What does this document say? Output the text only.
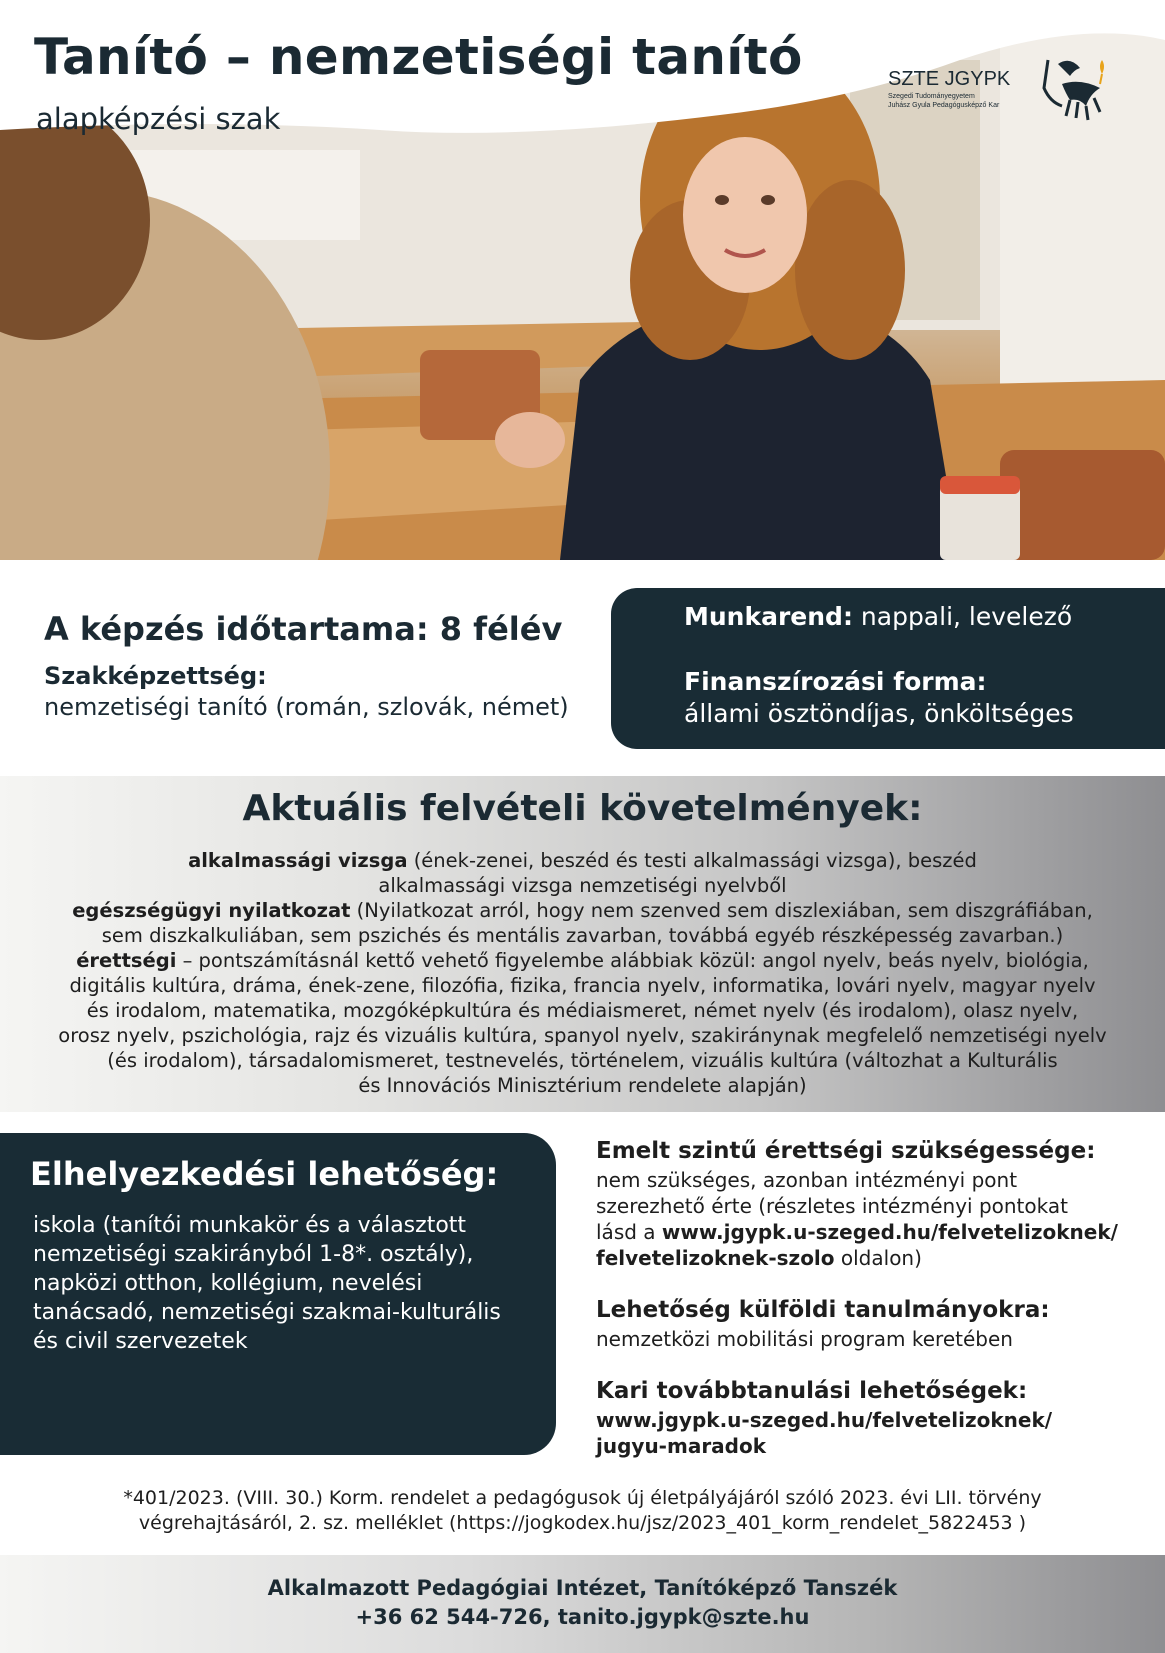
Tanító – nemzetiségi tanító

alapképzési szak

SZTE JGYPK
Szegedi Tudományegyetem
Juhász Gyula Pedagógusképző Kar
A képzés időtartama: 8 félév
Szakképzettség:
nemzetiségi tanító (román, szlovák, német)
Munkarend: nappali, levelező
Finanszírozási forma:
állami ösztöndíjas, önköltséges
Aktuális felvételi követelmények:
alkalmassági vizsga (ének-zenei, beszéd és testi alkalmassági vizsga), beszéd
alkalmassági vizsga nemzetiségi nyelvből
egészségügyi nyilatkozat (Nyilatkozat arról, hogy nem szenved sem diszlexiában, sem diszgráfiában,
sem diszkalkuliában, sem pszichés és mentális zavarban, továbbá egyéb részképesség zavarban.)
érettségi – pontszámításnál kettő vehető figyelembe alábbiak közül: angol nyelv, beás nyelv, biológia,
digitális kultúra, dráma, ének-zene, filozófia, fizika, francia nyelv, informatika, lovári nyelv, magyar nyelv
és irodalom, matematika, mozgóképkultúra és médiaismeret, német nyelv (és irodalom), olasz nyelv,
orosz nyelv, pszichológia, rajz és vizuális kultúra, spanyol nyelv, szakiránynak megfelelő nemzetiségi nyelv
(és irodalom), társadalomismeret, testnevelés, történelem, vizuális kultúra (változhat a Kulturális
és Innovációs Minisztérium rendelete alapján)
Elhelyezkedési lehetőség:
iskola (tanítói munkakör és a választott
nemzetiségi szakirányból 1-8*. osztály),
napközi otthon, kollégium, nevelési
tanácsadó, nemzetiségi szakmai-kulturális
és civil szervezetek
Emelt szintű érettségi szükségessége:
nem szükséges, azonban intézményi pont
szerezhető érte (részletes intézményi pontokat
lásd a www.jgypk.u-szeged.hu/felvetelizoknek/
felvetelizoknek-szolo oldalon)
Lehetőség külföldi tanulmányokra:
nemzetközi mobilitási program keretében
Kari továbbtanulási lehetőségek:
www.jgypk.u-szeged.hu/felvetelizoknek/
jugyu-maradok
*401/2023. (VIII. 30.) Korm. rendelet a pedagógusok új életpályájáról szóló 2023. évi LII. törvény
végrehajtásáról, 2. sz. melléklet (https://jogkodex.hu/jsz/2023_401_korm_rendelet_5822453 )
Alkalmazott Pedagógiai Intézet, Tanítóképző Tanszék
+36 62 544-726, tanito.jgypk@szte.hu
